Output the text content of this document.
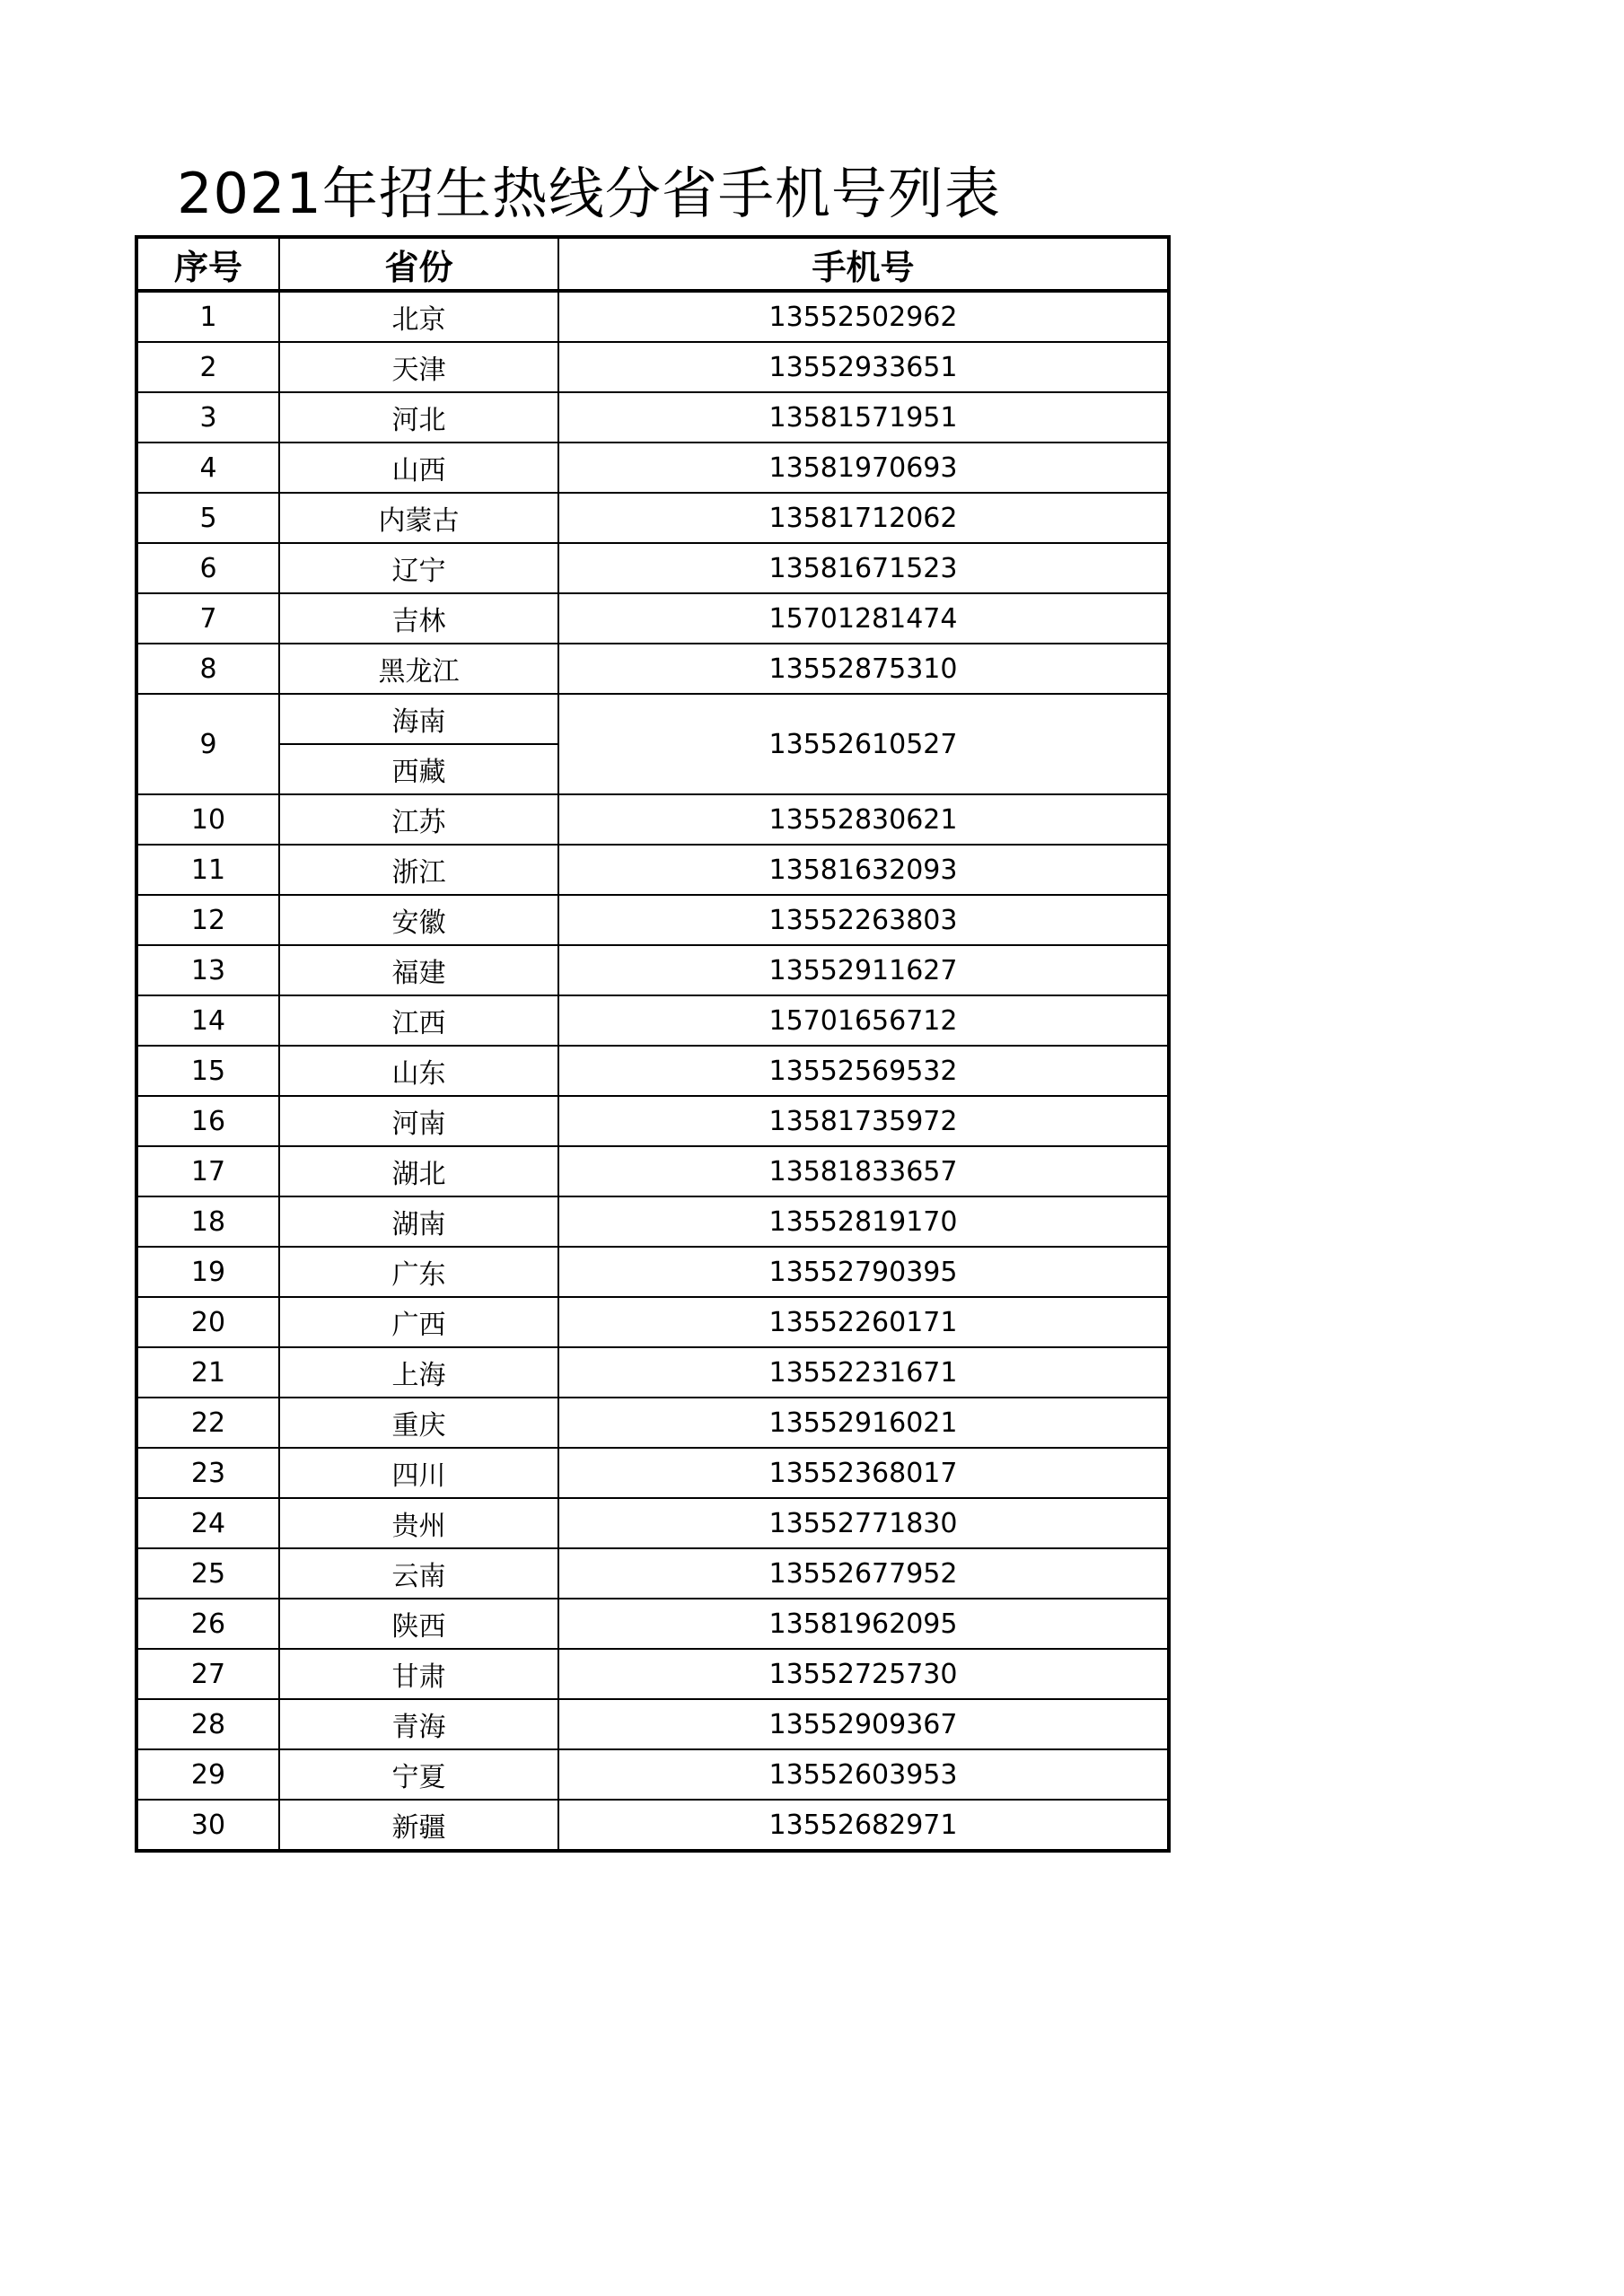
2021年招生热线分省手机号列表
序号	省份	手机号
1	北京	13552502962
2	天津	13552933651
3	河北	13581571951
4	山西	13581970693
5	内蒙古	13581712062
6	辽宁	13581671523
7	吉林	15701281474
8	黑龙江	13552875310
9	海南	13552610527
	西藏	
10	江苏	13552830621
11	浙江	13581632093
12	安徽	13552263803
13	福建	13552911627
14	江西	15701656712
15	山东	13552569532
16	河南	13581735972
17	湖北	13581833657
18	湖南	13552819170
19	广东	13552790395
20	广西	13552260171
21	上海	13552231671
22	重庆	13552916021
23	四川	13552368017
24	贵州	13552771830
25	云南	13552677952
26	陕西	13581962095
27	甘肃	13552725730
28	青海	13552909367
29	宁夏	13552603953
30	新疆	13552682971
